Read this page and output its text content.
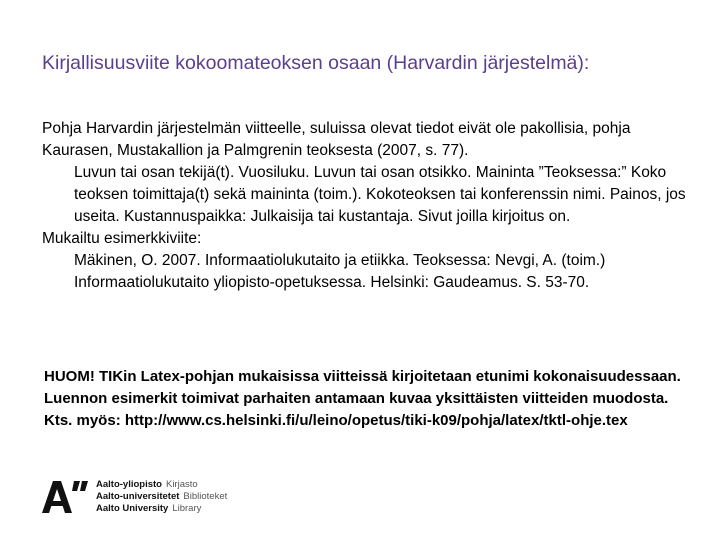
Kirjallisuusviite kokoomateoksen osaan (Harvardin järjestelmä):

Pohja Harvardin järjestelmän viitteelle, suluissa olevat tiedot eivät ole pakollisia, pohja Kaurasen, Mustakallion ja Palmgrenin teoksesta (2007, s. 77).

Luvun tai osan tekijä(t). Vuosiluku. Luvun tai osan otsikko. Maininta ”Teoksessa:” Koko teoksen toimittaja(t) sekä maininta (toim.). Kokoteoksen tai konferenssin nimi. Painos, jos useita. Kustannuspaikka: Julkaisija tai kustantaja. Sivut joilla kirjoitus on.

Mukailtu esimerkkiviite:

Mäkinen, O. 2007. Informaatiolukutaito ja etiikka. Teoksessa: Nevgi, A. (toim.) Informaatiolukutaito yliopisto-opetuksessa. Helsinki: Gaudeamus. S. 53-70.

HUOM! TIKin Latex-pohjan mukaisissa viitteissä kirjoitetaan etunimi kokonaisuudessaan. Luennon esimerkit toimivat parhaiten antamaan kuvaa yksittäisten viitteiden muodosta. Kts. myös: http://www.cs.helsinki.fi/u/leino/opetus/tiki-k09/pohja/latex/tktl-ohje.tex

Aalto-yliopisto Kirjasto
Aalto-universitetet Biblioteket
Aalto University Library
